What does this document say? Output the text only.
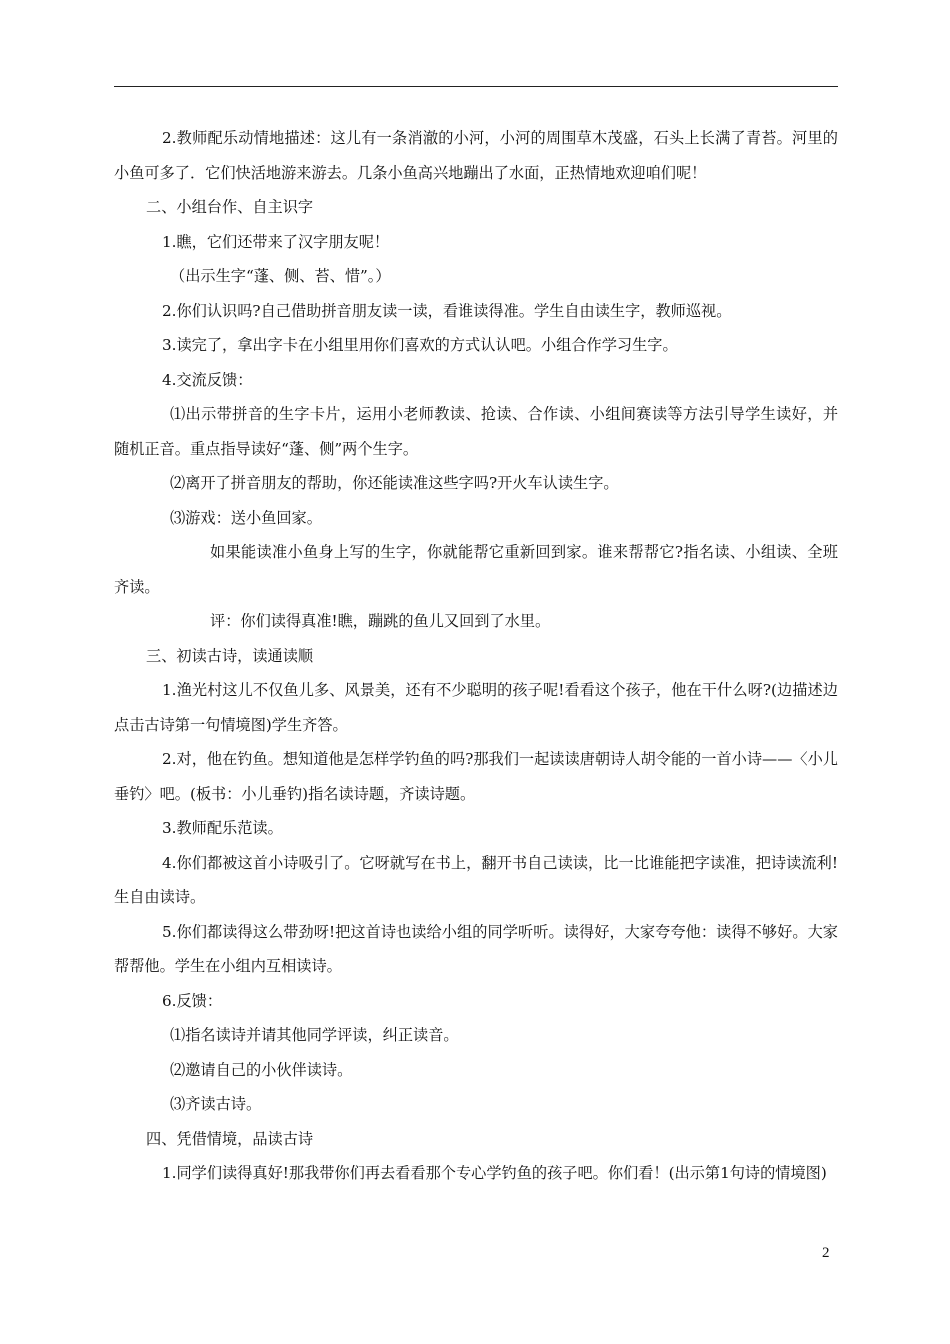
2.教师配乐动情地描述：这儿有一条消澈的小河，小河的周围草木茂盛，石头上长满了青苔。河里的小鱼可多了．它们快活地游来游去。几条小鱼高兴地蹦出了水面，正热情地欢迎咱们呢！

二、小组台作、自主识字

1.瞧，它们还带来了汉字朋友呢！

（出示生字“蓬、侧、苔、惜”。）

2.你们认识吗?自己借助拼音朋友读一读，看谁读得准。学生自由读生字，教师巡视。

3.读完了，拿出字卡在小组里用你们喜欢的方式认认吧。小组合作学习生字。

4.交流反馈：

⑴出示带拼音的生字卡片，运用小老师教读、抢读、合作读、小组间赛读等方法引导学生读好，并随机正音。重点指导读好“蓬、侧”两个生字。

⑵离开了拼音朋友的帮助，你还能读准这些字吗?开火车认读生字。

⑶游戏：送小鱼回家。

如果能读准小鱼身上写的生字，你就能帮它重新回到家。谁来帮帮它?指名读、小组读、全班齐读。

评：你们读得真准!瞧，蹦跳的鱼儿又回到了水里。

三、初读古诗，读通读顺

1.渔光村这儿不仅鱼儿多、风景美，还有不少聪明的孩子呢!看看这个孩子，他在干什么呀?(边描述边点击古诗第一句情境图)学生齐答。

2.对，他在钓鱼。想知道他是怎样学钓鱼的吗?那我们一起读读唐朝诗人胡令能的一首小诗——〈小儿垂钓〉吧。(板书：小儿垂钓)指名读诗题，齐读诗题。

3.教师配乐范读。

4.你们都被这首小诗吸引了。它呀就写在书上，翻开书自己读读，比一比谁能把字读准，把诗读流利!生自由读诗。

5.你们都读得这么带劲呀!把这首诗也读给小组的同学听听。读得好，大家夸夸他：读得不够好。大家帮帮他。学生在小组内互相读诗。

6.反馈：

⑴指名读诗并请其他同学评读，纠正读音。

⑵邀请自己的小伙伴读诗。

⑶齐读古诗。

四、凭借情境，品读古诗

1.同学们读得真好!那我带你们再去看看那个专心学钓鱼的孩子吧。你们看！(出示第1句诗的情境图)

2
